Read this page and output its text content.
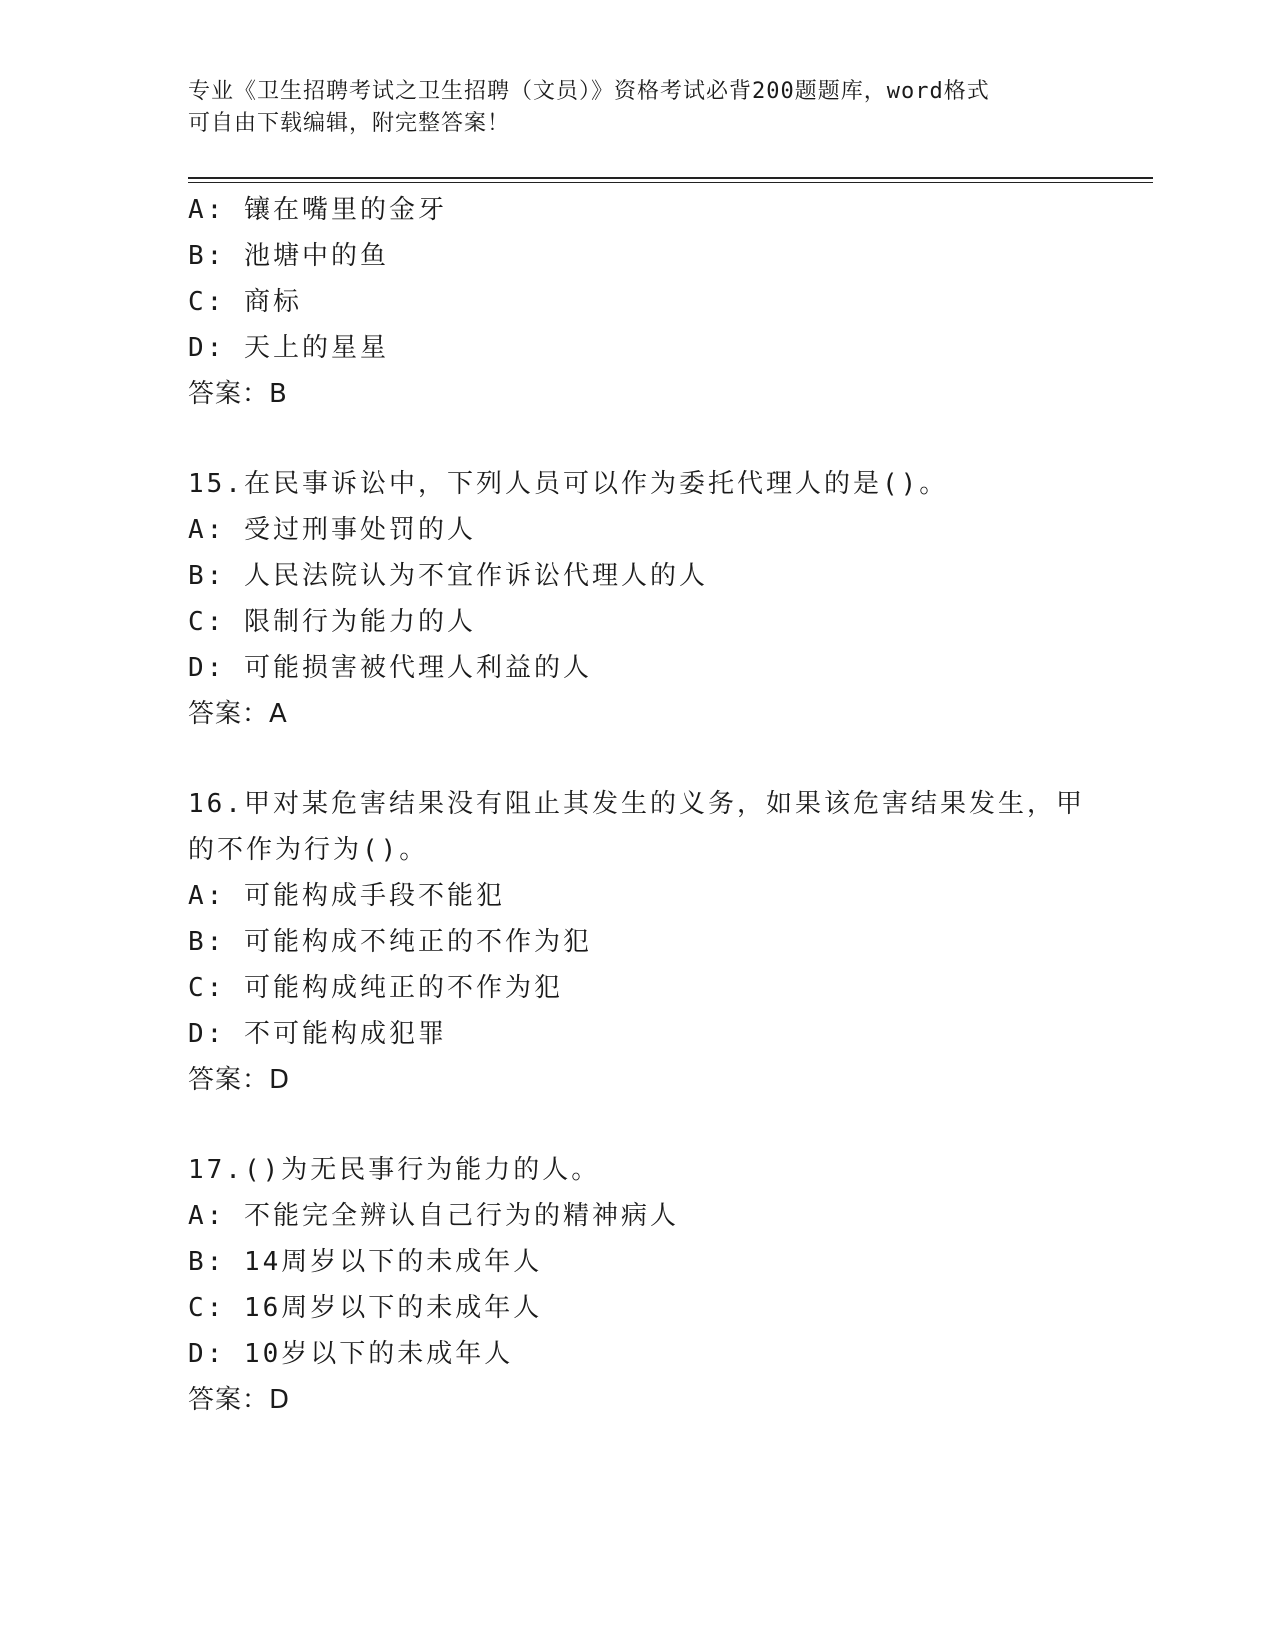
专业《卫生招聘考试之卫生招聘（文员）》资格考试必背200题题库，word格式
可自由下载编辑，附完整答案！
A: 镶在嘴里的金牙
B: 池塘中的鱼
C: 商标
D: 天上的星星
答案：B
15.在民事诉讼中，下列人员可以作为委托代理人的是()。
A: 受过刑事处罚的人
B: 人民法院认为不宜作诉讼代理人的人
C: 限制行为能力的人
D: 可能损害被代理人利益的人
答案：A
16.甲对某危害结果没有阻止其发生的义务，如果该危害结果发生，甲
的不作为行为()。
A: 可能构成手段不能犯
B: 可能构成不纯正的不作为犯
C: 可能构成纯正的不作为犯
D: 不可能构成犯罪
答案：D
17.()为无民事行为能力的人。
A: 不能完全辨认自己行为的精神病人
B: 14周岁以下的未成年人
C: 16周岁以下的未成年人
D: 10岁以下的未成年人
答案：D
